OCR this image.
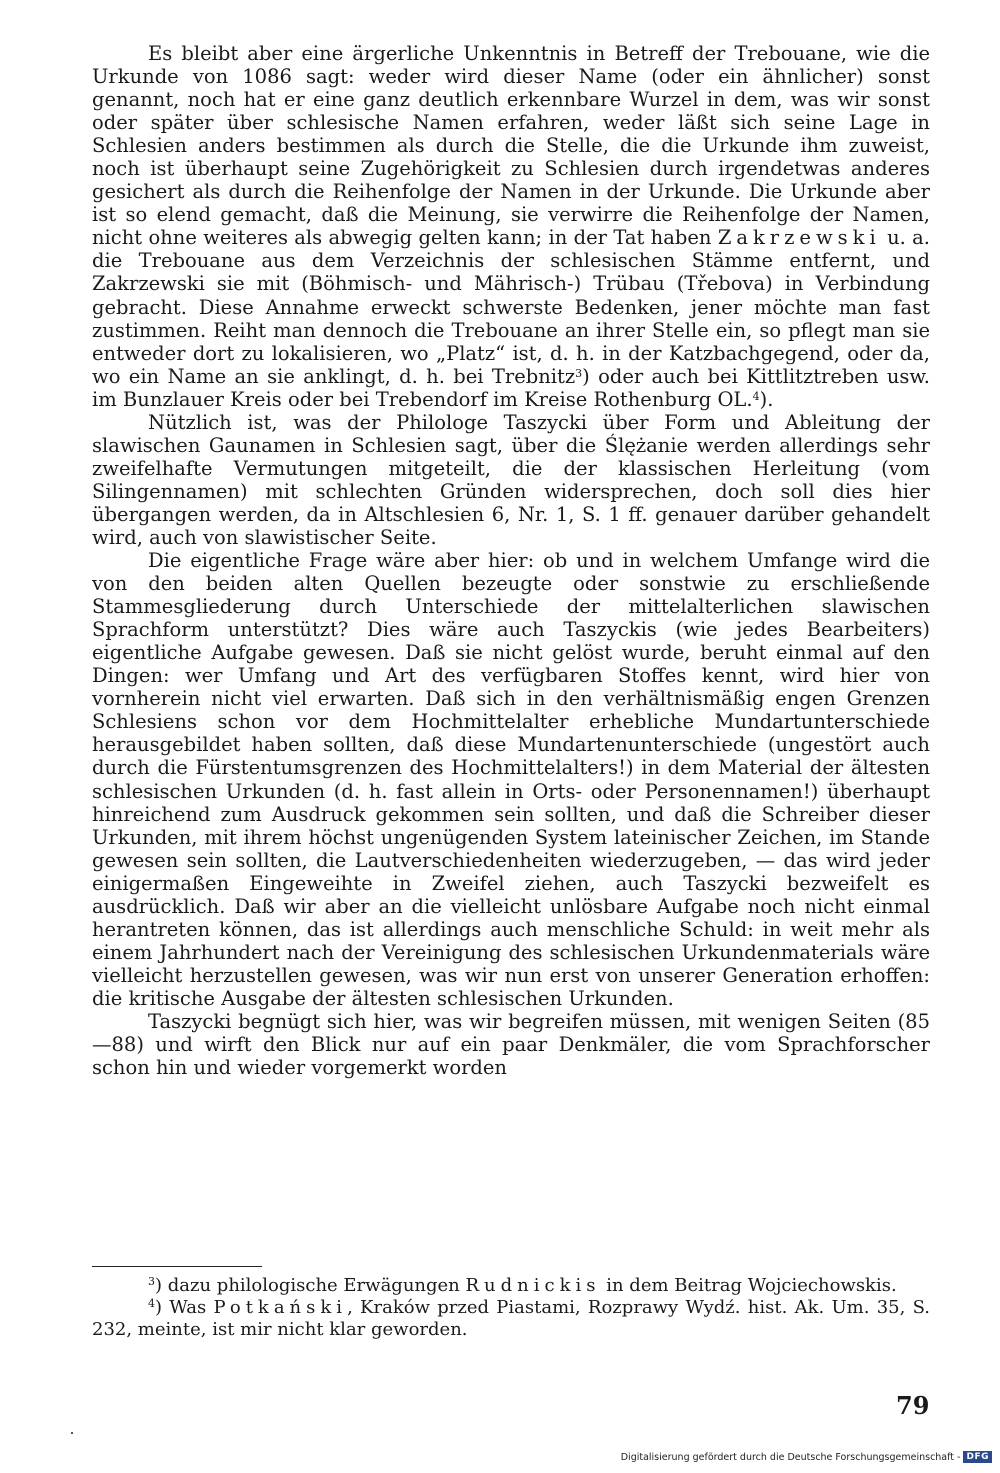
Es bleibt aber eine ärgerliche Unkenntnis in Betreff der Trebouane, wie die Urkunde von 1086 sagt: weder wird dieser Name (oder ein ähnlicher) sonst genannt, noch hat er eine ganz deutlich erkennbare Wurzel in dem, was wir sonst oder später über schlesische Namen erfahren, weder läßt sich seine Lage in Schlesien anders bestimmen als durch die Stelle, die die Urkunde ihm zuweist, noch ist überhaupt seine Zugehörigkeit zu Schlesien durch irgendetwas anderes gesichert als durch die Reihenfolge der Namen in der Urkunde. Die Urkunde aber ist so elend gemacht, daß die Meinung, sie verwirre die Reihenfolge der Namen, nicht ohne weiteres als abwegig gelten kann; in der Tat haben Zakrzewski u. a. die Trebouane aus dem Verzeichnis der schlesischen Stämme entfernt, und Zakrzewski sie mit (Böhmisch- und Mährisch-) Trübau (Třebova) in Verbindung gebracht. Diese Annahme erweckt schwerste Bedenken, jener möchte man fast zustimmen. Reiht man dennoch die Trebouane an ihrer Stelle ein, so pflegt man sie entweder dort zu lokalisieren, wo „Platz“ ist, d. h. in der Katzbachgegend, oder da, wo ein Name an sie anklingt, d. h. bei Trebnitz$^3$) oder auch bei Kittlitztreben usw. im Bunzlauer Kreis oder bei Trebendorf im Kreise Rothenburg OL.$^4$).

Nützlich ist, was der Philologe Taszycki über Form und Ableitung der slawischen Gaunamen in Schlesien sagt, über die Ślężanie werden allerdings sehr zweifelhafte Vermutungen mitgeteilt, die der klassischen Herleitung (vom Silingennamen) mit schlechten Gründen widersprechen, doch soll dies hier übergangen werden, da in Altschlesien 6, Nr. 1, S. 1 ff. genauer darüber gehandelt wird, auch von slawistischer Seite.

Die eigentliche Frage wäre aber hier: ob und in welchem Umfange wird die von den beiden alten Quellen bezeugte oder sonstwie zu erschließende Stammesgliederung durch Unterschiede der mittelalterlichen slawischen Sprachform unterstützt? Dies wäre auch Taszyckis (wie jedes Bearbeiters) eigentliche Aufgabe gewesen. Daß sie nicht gelöst wurde, beruht einmal auf den Dingen: wer Umfang und Art des verfügbaren Stoffes kennt, wird hier von vornherein nicht viel erwarten. Daß sich in den verhältnismäßig engen Grenzen Schlesiens schon vor dem Hochmittelalter erhebliche Mundartunterschiede herausgebildet haben sollten, daß diese Mundartenunterschiede (ungestört auch durch die Fürstentumsgrenzen des Hochmittelalters!) in dem Material der ältesten schlesischen Urkunden (d. h. fast allein in Orts- oder Personennamen!) überhaupt hinreichend zum Ausdruck gekommen sein sollten, und daß die Schreiber dieser Urkunden, mit ihrem höchst ungenügenden System lateinischer Zeichen, im Stande gewesen sein sollten, die Lautverschiedenheiten wiederzugeben, — das wird jeder einigermaßen Eingeweihte in Zweifel ziehen, auch Taszycki bezweifelt es ausdrücklich. Daß wir aber an die vielleicht unlösbare Aufgabe noch nicht einmal herantreten können, das ist allerdings auch menschliche Schuld: in weit mehr als einem Jahrhundert nach der Vereinigung des schlesischen Urkundenmaterials wäre vielleicht herzustellen gewesen, was wir nun erst von unserer Generation erhoffen: die kritische Ausgabe der ältesten schlesischen Urkunden.

Taszycki begnügt sich hier, was wir begreifen müssen, mit wenigen Seiten (85—88) und wirft den Blick nur auf ein paar Denkmäler, die vom Sprachforscher schon hin und wieder vorgemerkt worden

$^3$) dazu philologische Erwägungen Rudnickis in dem Beitrag Wojciechowskis.

$^4$) Was Potkański, Kraków przed Piastami, Rozprawy Wydź. hist. Ak. Um. 35, S. 232, meinte, ist mir nicht klar geworden.

79
Digitalisierung gefördert durch die Deutsche Forschungsgemeinschaft - DFG
